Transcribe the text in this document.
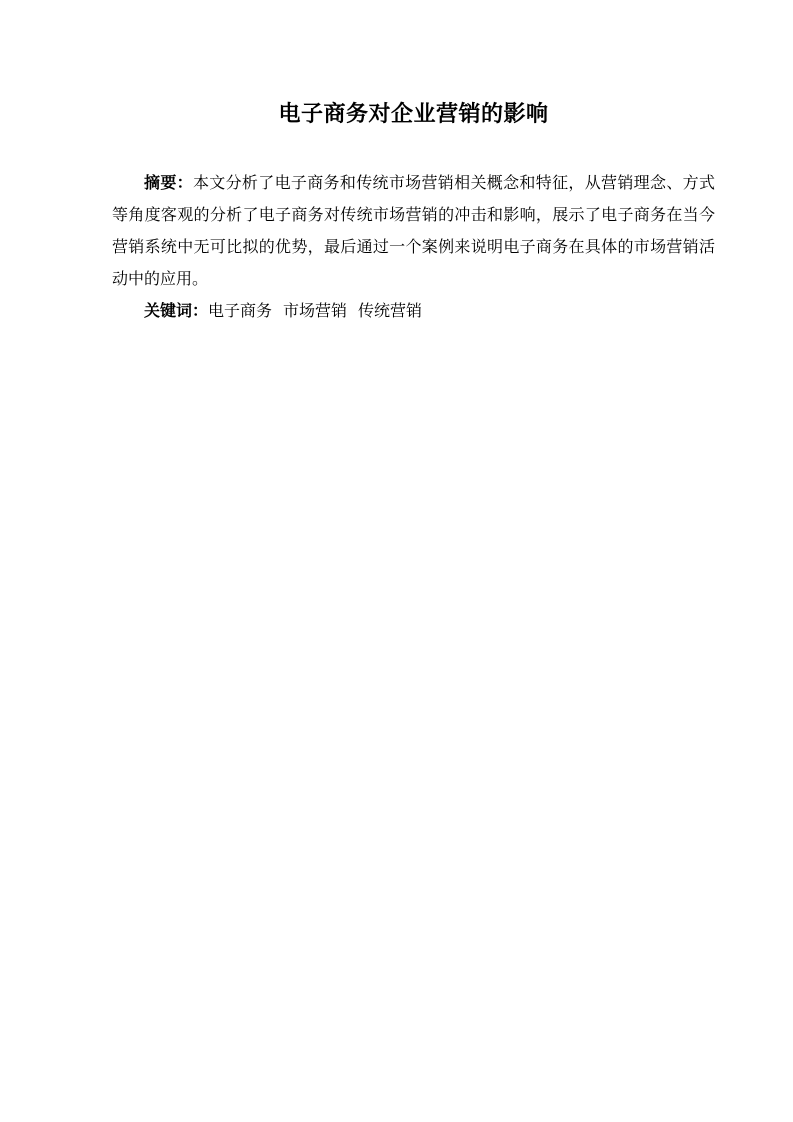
电子商务对企业营销的影响

摘要：本文分析了电子商务和传统市场营销相关概念和特征，从营销理念、方式等角度客观的分析了电子商务对传统市场营销的冲击和影响，展示了电子商务在当今营销系统中无可比拟的优势，最后通过一个案例来说明电子商务在具体的市场营销活动中的应用。

关键词：电子商务 市场营销 传统营销
